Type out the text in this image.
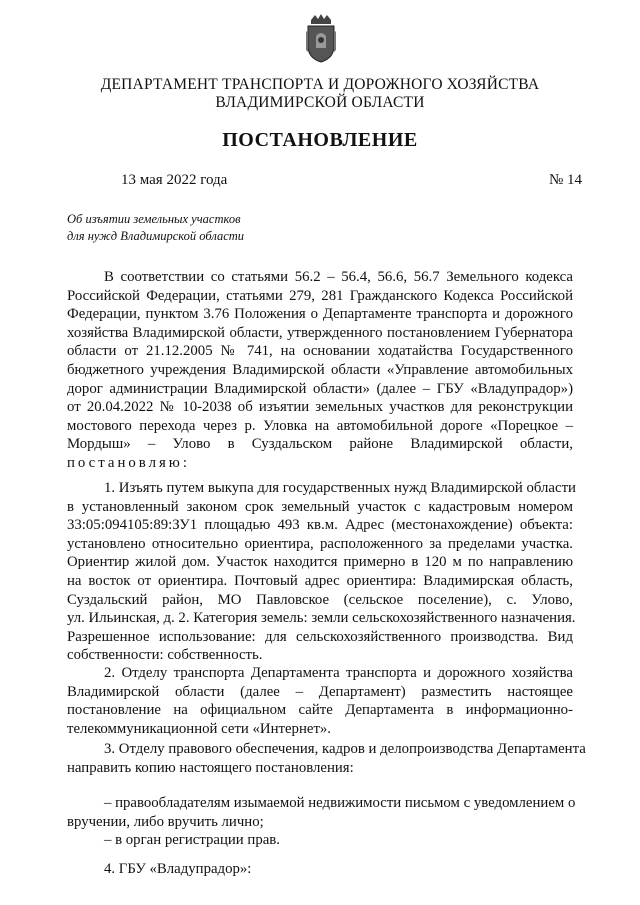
ДЕПАРТАМЕНТ ТРАНСПОРТА И ДОРОЖНОГО ХОЗЯЙСТВА
ВЛАДИМИРСКОЙ ОБЛАСТИ
ПОСТАНОВЛЕНИЕ
13 мая 2022 года	№ 14
Об изъятии земельных участков
для нужд Владимирской области
В соответствии со статьями 56.2 – 56.4, 56.6, 56.7 Земельного кодекса
Российской Федерации, статьями 279, 281 Гражданского Кодекса Российской
Федерации, пунктом 3.76 Положения о Департаменте транспорта и дорожного
хозяйства Владимирской области, утвержденного постановлением Губернатора
области от 21.12.2005 № 741, на основании ходатайства Государственного
бюджетного учреждения Владимирской области «Управление автомобильных
дорог администрации Владимирской области» (далее – ГБУ «Владупрадор»)
от 20.04.2022 № 10-2038 об изъятии земельных участков для реконструкции
мостового перехода через р. Уловка на автомобильной дороге «Порецкое –
Мордыш» – Улово в Суздальском районе Владимирской области,
постановляю:
1. Изъять путем выкупа для государственных нужд Владимирской области
в установленный законом срок земельный участок с кадастровым номером
33:05:094105:89:ЗУ1 площадью 493 кв.м. Адрес (местонахождение) объекта:
установлено относительно ориентира, расположенного за пределами участка.
Ориентир жилой дом. Участок находится примерно в 120 м по направлению
на восток от ориентира. Почтовый адрес ориентира: Владимирская область,
Суздальский район, МО Павловское (сельское поселение), с. Улово,
ул. Ильинская, д. 2. Категория земель: земли сельскохозяйственного назначения.
Разрешенное использование: для сельскохозяйственного производства. Вид
собственности: собственность.
2. Отделу транспорта Департамента транспорта и дорожного хозяйства
Владимирской области (далее – Департамент) разместить настоящее
постановление на официальном сайте Департамента в информационно-
телекоммуникационной сети «Интернет».
3. Отделу правового обеспечения, кадров и делопроизводства Департамента
направить копию настоящего постановления:
– правообладателям изымаемой недвижимости письмом с уведомлением о
вручении, либо вручить лично;
– в орган регистрации прав.
4. ГБУ «Владупрадор»:
